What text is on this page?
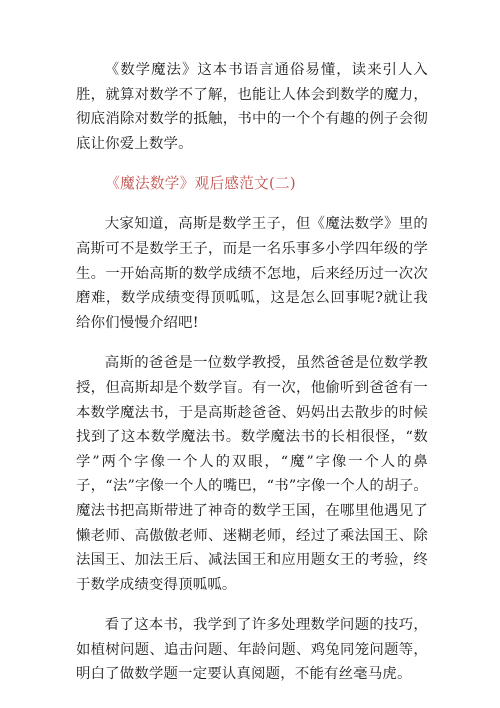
《数学魔法》这本书语言通俗易懂，读来引人入胜，就算对数学不了解，也能让人体会到数学的魔力，彻底消除对数学的抵触，书中的一个个有趣的例子会彻底让你爱上数学。

《魔法数学》观后感范文(二)

大家知道，高斯是数学王子，但《魔法数学》里的高斯可不是数学王子，而是一名乐事多小学四年级的学生。一开始高斯的数学成绩不怎地，后来经历过一次次磨难，数学成绩变得顶呱呱，这是怎么回事呢?就让我给你们慢慢介绍吧!

高斯的爸爸是一位数学教授，虽然爸爸是位数学教授，但高斯却是个数学盲。有一次，他偷听到爸爸有一本数学魔法书，于是高斯趁爸爸、妈妈出去散步的时候找到了这本数学魔法书。数学魔法书的长相很怪，“数学”两个字像一个人的双眼，“魔”字像一个人的鼻子，“法”字像一个人的嘴巴，“书”字像一个人的胡子。魔法书把高斯带进了神奇的数学王国，在哪里他遇见了懒老师、高傲傲老师、迷糊老师，经过了乘法国王、除法国王、加法王后、减法国王和应用题女王的考验，终于数学成绩变得顶呱呱。

看了这本书，我学到了许多处理数学问题的技巧，如植树问题、追击问题、年龄问题、鸡兔同笼问题等，明白了做数学题一定要认真阅题，不能有丝毫马虎。
